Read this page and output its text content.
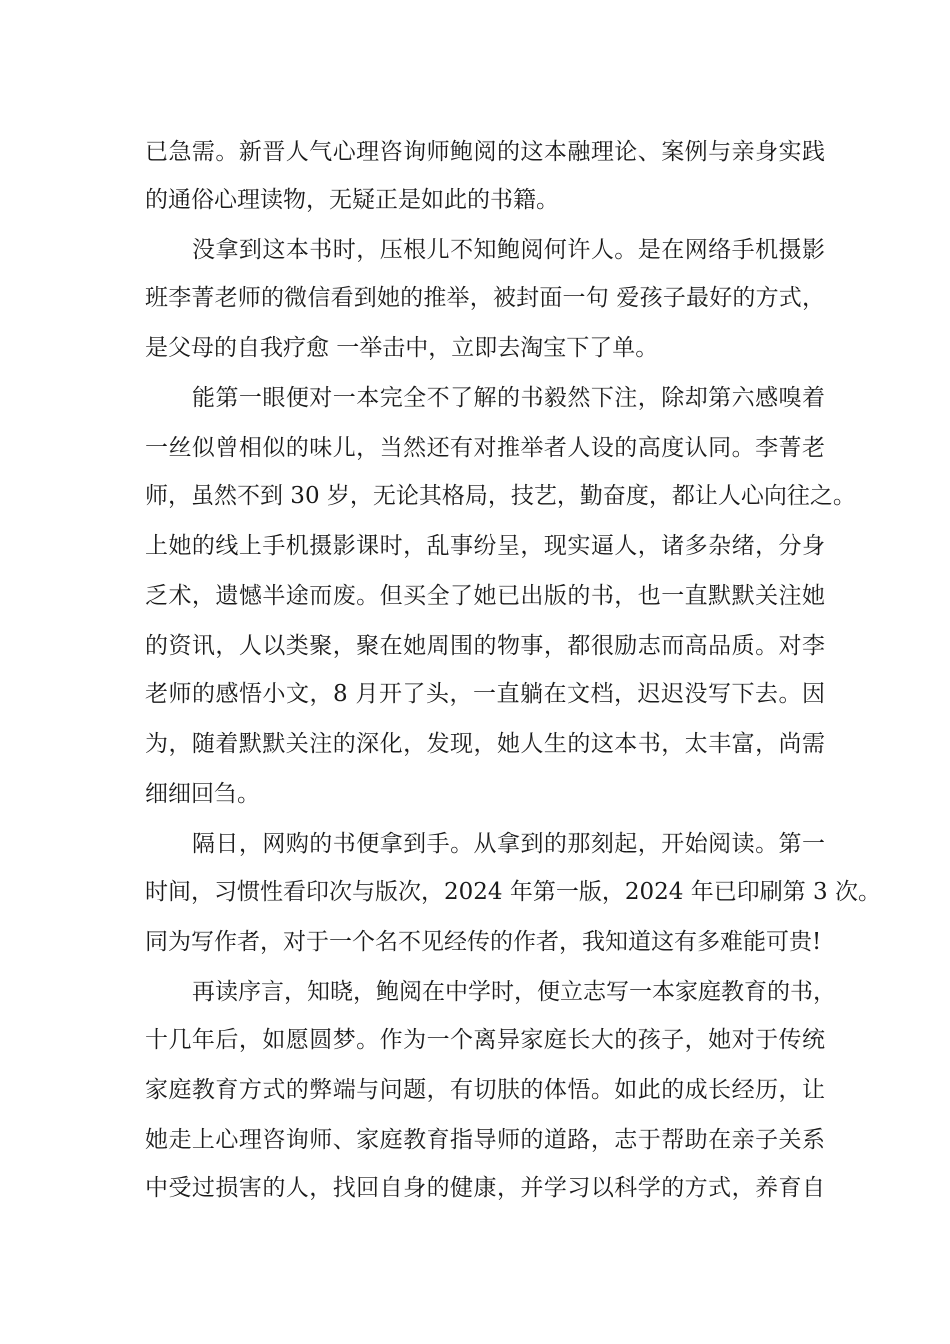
已急需。新晋人气心理咨询师鲍阅的这本融理论、案例与亲身实践
的通俗心理读物，无疑正是如此的书籍。
没拿到这本书时，压根儿不知鲍阅何许人。是在网络手机摄影
班李菁老师的微信看到她的推举，被封面一句 爱孩子最好的方式，
是父母的自我疗愈 一举击中，立即去淘宝下了单。
能第一眼便对一本完全不了解的书毅然下注，除却第六感嗅着
一丝似曾相似的味儿，当然还有对推举者人设的高度认同。李菁老
师，虽然不到 30 岁，无论其格局，技艺，勤奋度，都让人心向往之。
上她的线上手机摄影课时，乱事纷呈，现实逼人，诸多杂绪，分身
乏术，遗憾半途而废。但买全了她已出版的书，也一直默默关注她
的资讯，人以类聚，聚在她周围的物事，都很励志而高品质。对李
老师的感悟小文，8 月开了头，一直躺在文档，迟迟没写下去。因
为，随着默默关注的深化，发现，她人生的这本书，太丰富，尚需
细细回刍。
隔日，网购的书便拿到手。从拿到的那刻起，开始阅读。第一
时间，习惯性看印次与版次，2024 年第一版，2024 年已印刷第 3 次。
同为写作者，对于一个名不见经传的作者，我知道这有多难能可贵!
再读序言，知晓，鲍阅在中学时，便立志写一本家庭教育的书，
十几年后，如愿圆梦。作为一个离异家庭长大的孩子，她对于传统
家庭教育方式的弊端与问题，有切肤的体悟。如此的成长经历，让
她走上心理咨询师、家庭教育指导师的道路，志于帮助在亲子关系
中受过损害的人，找回自身的健康，并学习以科学的方式，养育自
